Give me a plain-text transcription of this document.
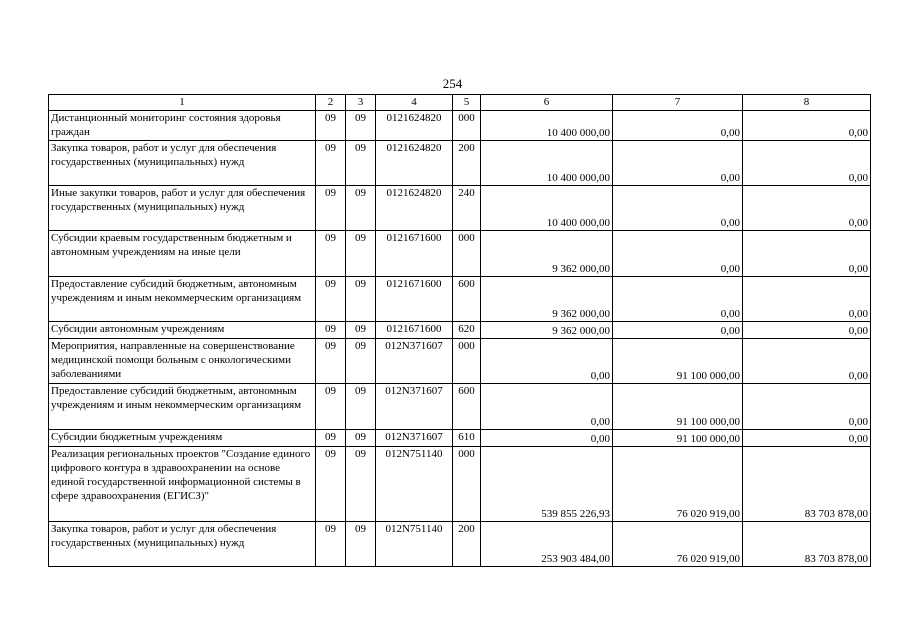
254
1	2	3	4	5	6	7	8
Дистанционный мониторинг состояния здоровья граждан	09	09	0121624820	000	10 400 000,00	0,00	0,00
Закупка товаров, работ и услуг для обеспечения государственных (муниципальных) нужд	09	09	0121624820	200	10 400 000,00	0,00	0,00
Иные закупки товаров, работ и услуг для обеспечения государственных (муниципальных) нужд	09	09	0121624820	240	10 400 000,00	0,00	0,00
Субсидии краевым государственным бюджетным и автономным учреждениям на иные цели	09	09	0121671600	000	9 362 000,00	0,00	0,00
Предоставление субсидий бюджетным, автономным учреждениям и иным некоммерческим организациям	09	09	0121671600	600	9 362 000,00	0,00	0,00
Субсидии автономным учреждениям	09	09	0121671600	620	9 362 000,00	0,00	0,00
Мероприятия, направленные на совершенствование медицинской помощи больным с онкологическими заболеваниями	09	09	012N371607	000	0,00	91 100 000,00	0,00
Предоставление субсидий бюджетным, автономным учреждениям и иным некоммерческим организациям	09	09	012N371607	600	0,00	91 100 000,00	0,00
Субсидии бюджетным учреждениям	09	09	012N371607	610	0,00	91 100 000,00	0,00
Реализация региональных проектов "Создание единого цифрового контура в здравоохранении на основе единой государственной информационной системы в сфере здравоохранения (ЕГИСЗ)"	09	09	012N751140	000	539 855 226,93	76 020 919,00	83 703 878,00
Закупка товаров, работ и услуг для обеспечения государственных (муниципальных) нужд	09	09	012N751140	200	253 903 484,00	76 020 919,00	83 703 878,00
